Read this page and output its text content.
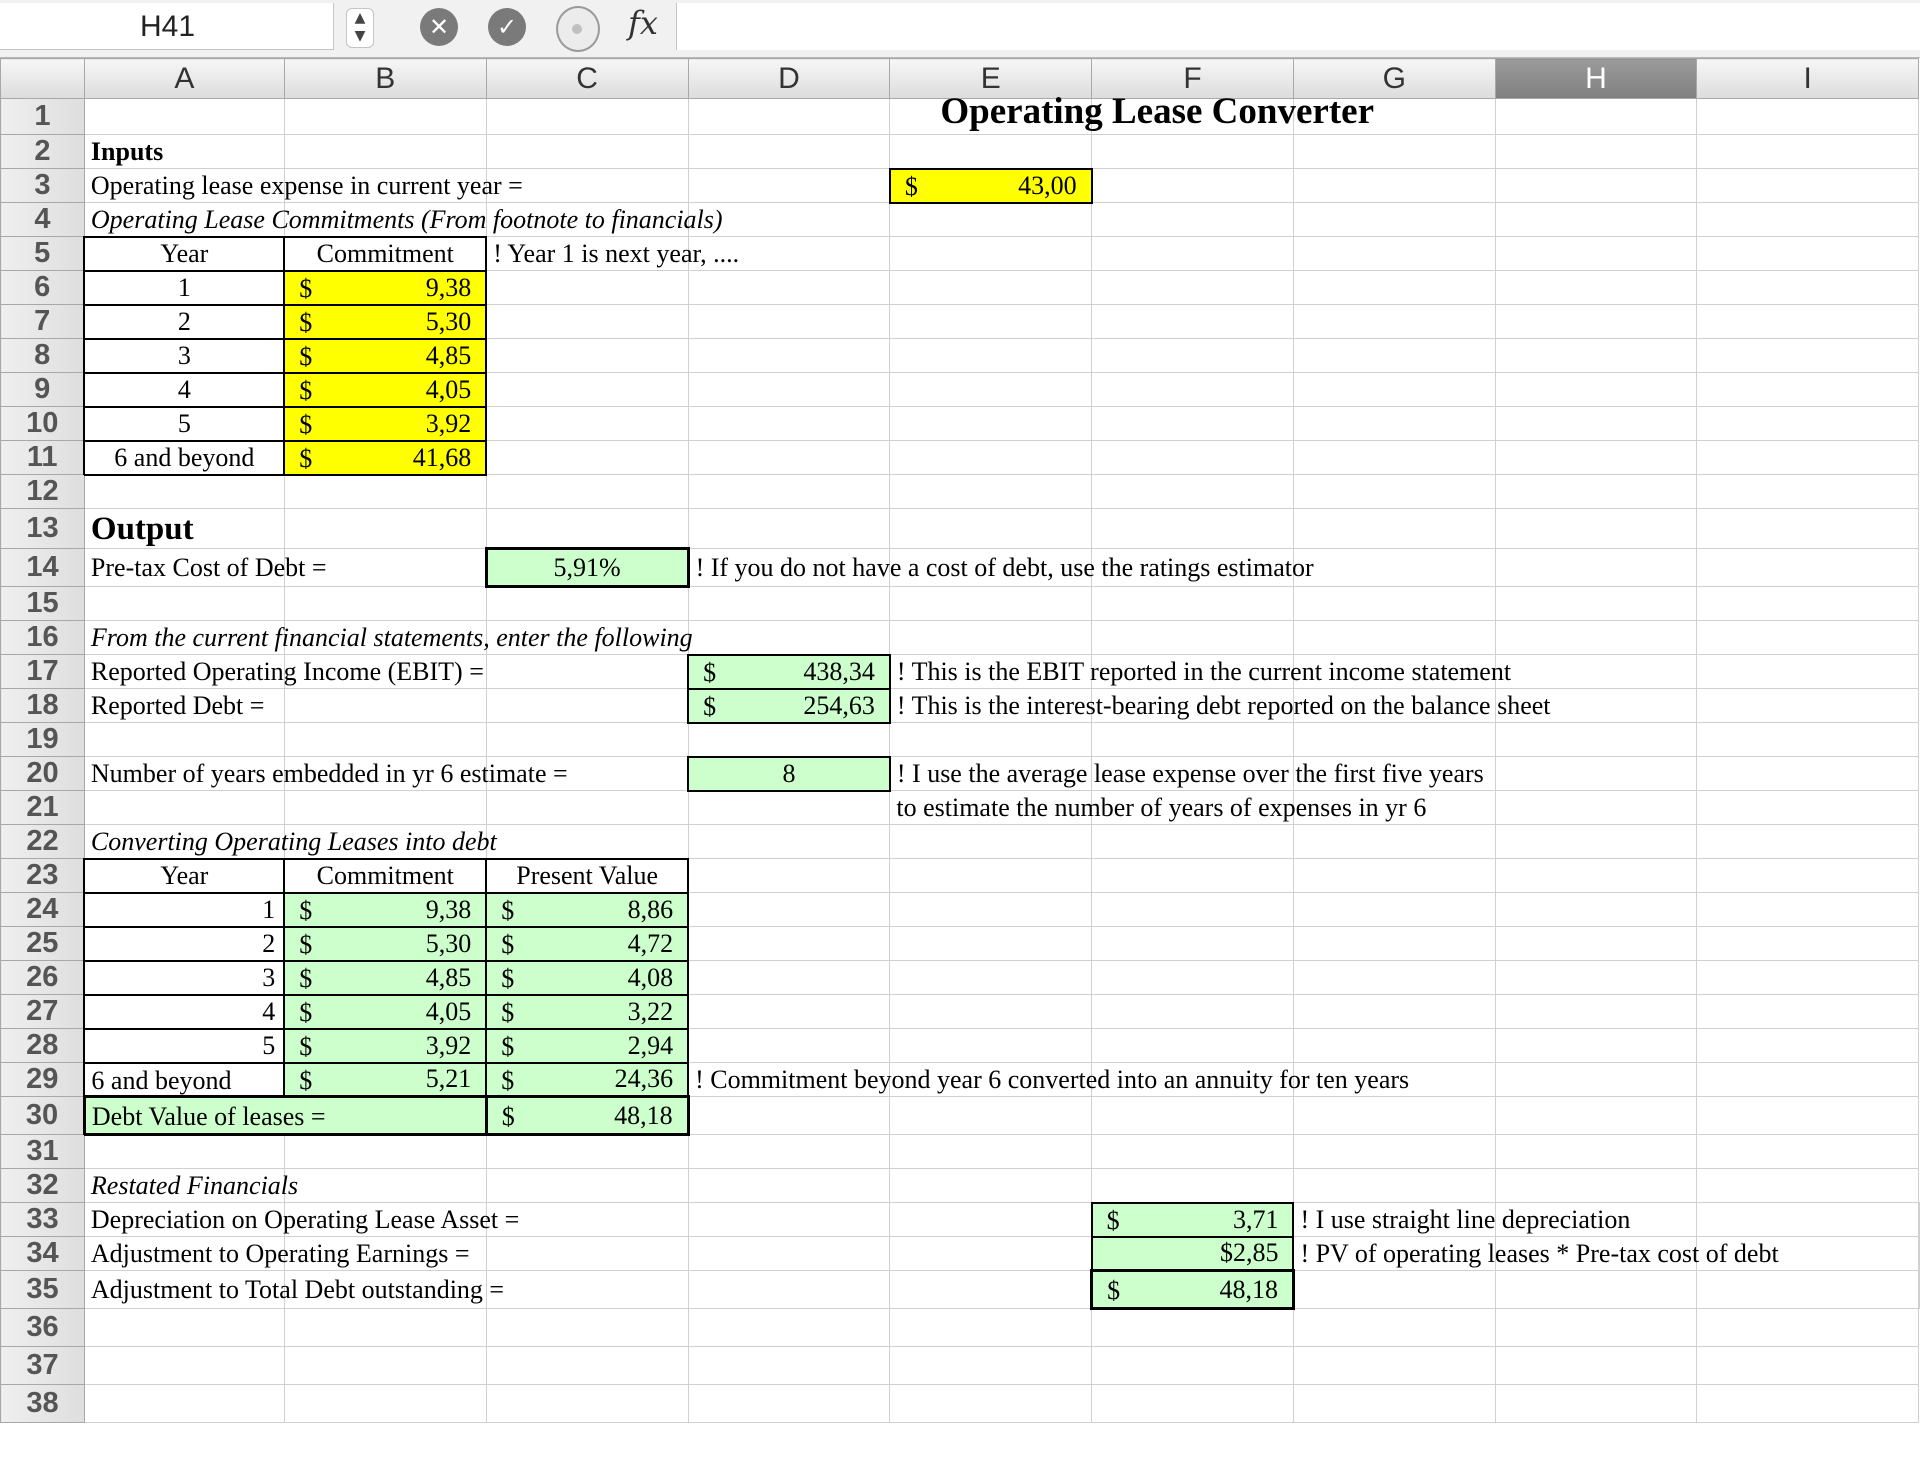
H41	▲
▼	✕	✓	fx
	A	B	C	D	E	F	G	H	I	
1					Operating Lease Converter					

2	Inputs									

3	Operating lease expense in current year =				$ 43,00					
4	Operating Lease Commitments (From footnote to financials)									

5	Year	Commitment	! Year 1 is next year, ....							

6	1	$ 9,38								
7	2	$ 5,30								
8	3	$ 4,85								
9	4	$ 4,05								
10	5	$ 3,92								
11	6 and beyond	$ 41,68								
12										
13	Output									

14	Pre-tax Cost of Debt =		5,91%	! If you do not have a cost of debt, use the ratings estimator						

15										
16	From the current financial statements, enter the following									

17	Reported Operating Income (EBIT) =			$ 438,34	! This is the EBIT reported in the current income statement					

18	Reported Debt =			$ 254,63	! This is the interest-bearing debt reported on the balance sheet					

19										
20	Number of years embedded in yr 6 estimate =			8	! I use the average lease expense over the first five years					

21					to estimate the number of years of expenses in yr 6					

22	Converting Operating Leases into debt									

23	Year	Commitment	Present Value							
24	1	$ 9,38	$ 8,86							
25	2	$ 5,30	$ 4,72							
26	3	$ 4,85	$ 4,08							
27	4	$ 4,05	$ 3,22							
28	5	$ 3,92	$ 2,94							
29	6 and beyond	$ 5,21	$ 24,36	! Commitment beyond year 6 converted into an annuity for ten years						

30	Debt Value of leases =		$ 48,18							
31										
32	Restated Financials									

33	Depreciation on Operating Lease Asset =					$ 3,71	! I use straight line depreciation			

34	Adjustment to Operating Earnings =					$2,85	! PV of operating leases * Pre-tax cost of debt			

35	Adjustment to Total Debt outstanding =					$ 48,18				
36										
37										
38										
